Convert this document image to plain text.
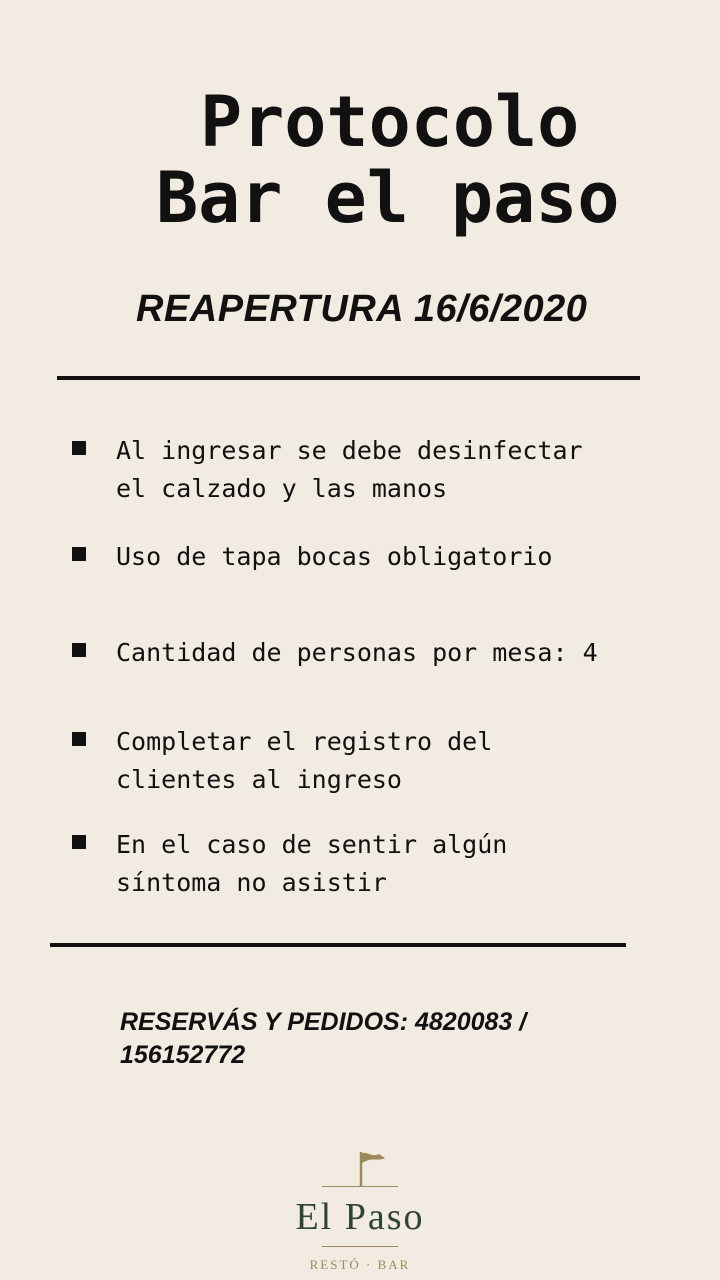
Protocolo
Bar el paso
REAPERTURA 16/6/2020
Al ingresar se debe desinfectar
el calzado y las manos
Uso de tapa bocas obligatorio
Cantidad de personas por mesa: 4
Completar el registro del
clientes al ingreso
En el caso de sentir algún
síntoma no asistir

RESERVÁS Y PEDIDOS: 4820083 / 156152772

El Paso

RESTÓ · BAR
